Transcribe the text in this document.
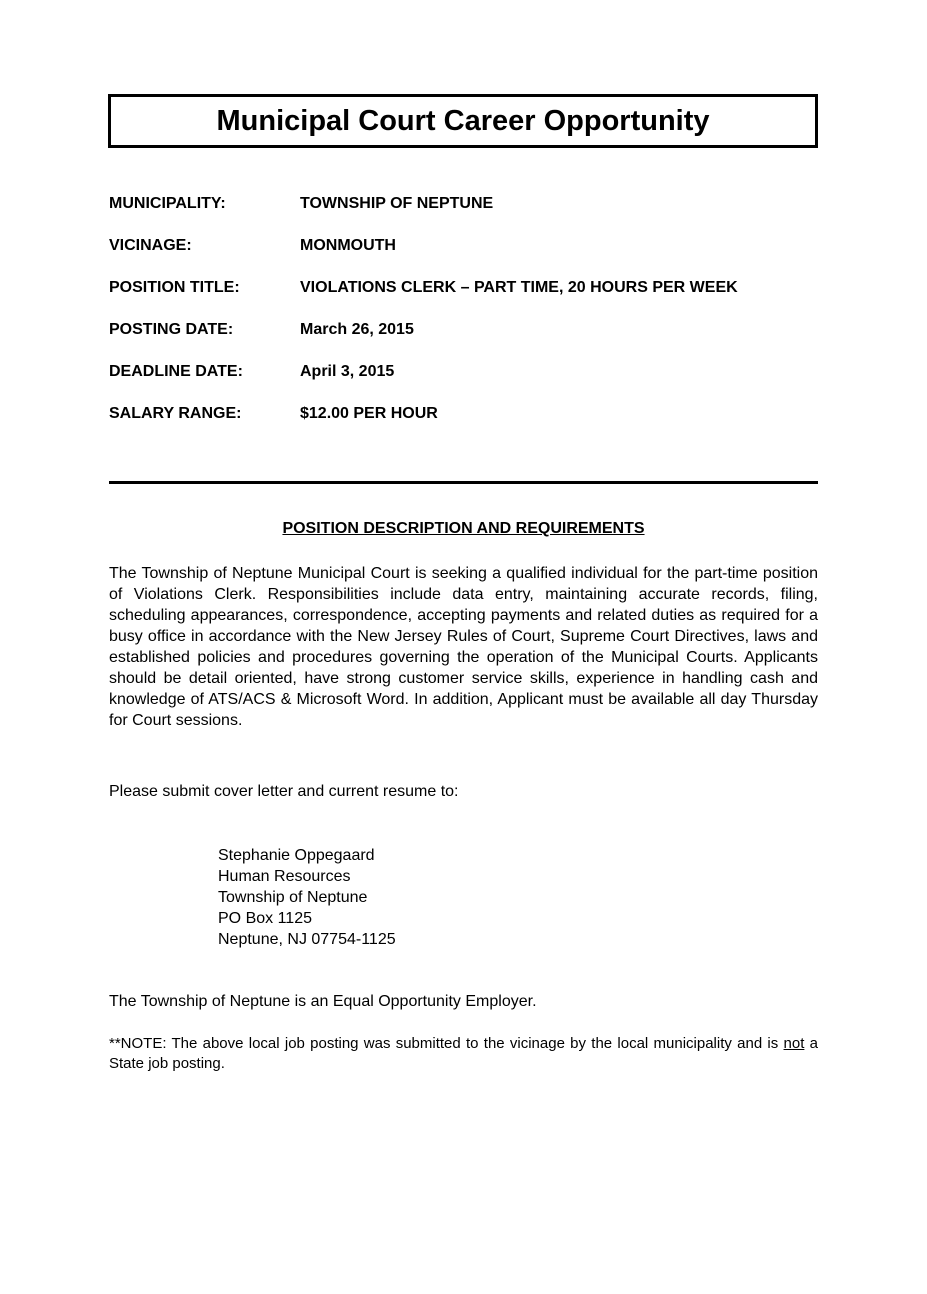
Municipal Court Career Opportunity
MUNICIPALITY:	TOWNSHIP OF NEPTUNE
VICINAGE:	MONMOUTH
POSITION TITLE:	VIOLATIONS CLERK – PART TIME, 20 HOURS PER WEEK
POSTING DATE:	March 26, 2015
DEADLINE DATE:	April 3, 2015
SALARY RANGE:	$12.00 PER HOUR
POSITION DESCRIPTION AND REQUIREMENTS

The Township of Neptune Municipal Court is seeking a qualified individual for the part-time position of Violations Clerk. Responsibilities include data entry, maintaining accurate records, filing, scheduling appearances, correspondence, accepting payments and related duties as required for a busy office in accordance with the New Jersey Rules of Court, Supreme Court Directives, laws and established policies and procedures governing the operation of the Municipal Courts. Applicants should be detail oriented, have strong customer service skills, experience in handling cash and knowledge of ATS/ACS & Microsoft Word. In addition, Applicant must be available all day Thursday for Court sessions.

Please submit cover letter and current resume to:

Stephanie Oppegaard
Human Resources
Township of Neptune
PO Box 1125
Neptune, NJ 07754-1125

The Township of Neptune is an Equal Opportunity Employer.

**NOTE: The above local job posting was submitted to the vicinage by the local municipality and is not a State job posting.
